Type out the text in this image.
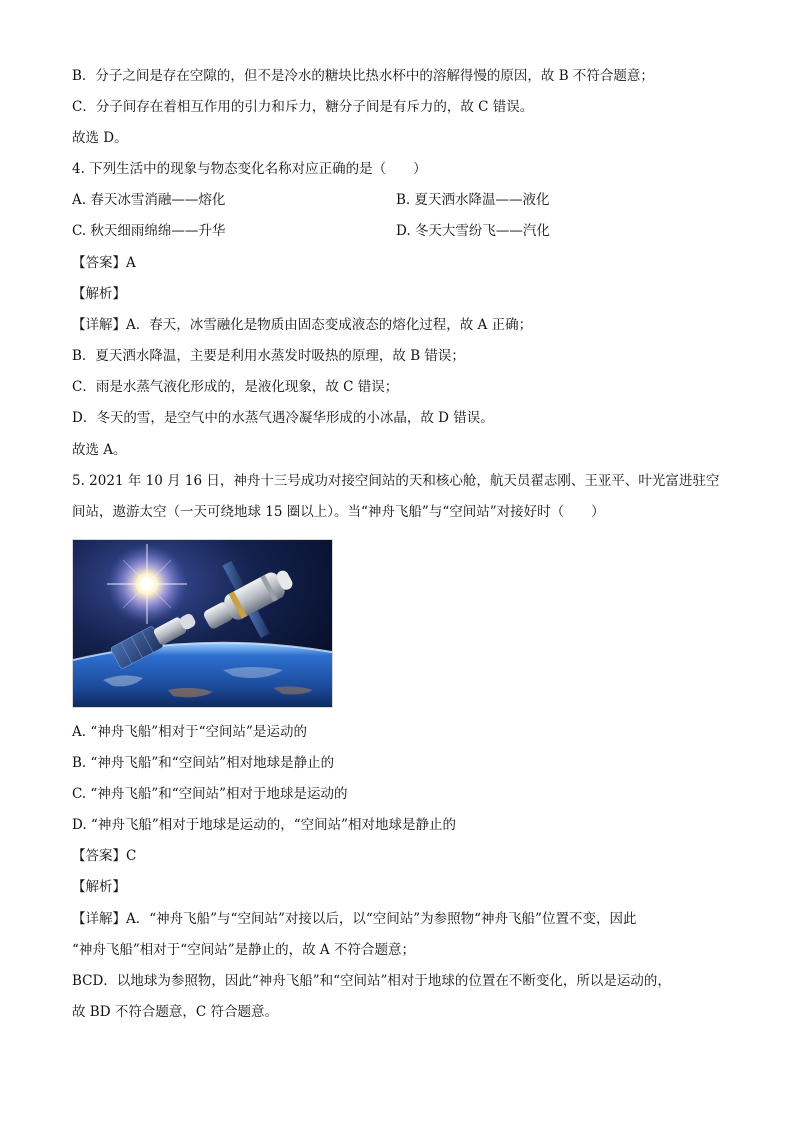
B．分子之间是存在空隙的，但不是冷水的糖块比热水杯中的溶解得慢的原因，故 B 不符合题意；
C．分子间存在着相互作用的引力和斥力，糖分子间是有斥力的，故 C 错误。
故选 D。
4. 下列生活中的现象与物态变化名称对应正确的是（　　）
A. 春天冰雪消融——熔化	B. 夏天洒水降温——液化
C. 秋天细雨绵绵——升华	D. 冬天大雪纷飞——汽化
【答案】A
【解析】
【详解】A．春天，冰雪融化是物质由固态变成液态的熔化过程，故 A 正确；
B．夏天洒水降温，主要是利用水蒸发时吸热的原理，故 B 错误；
C．雨是水蒸气液化形成的，是液化现象，故 C 错误；
D．冬天的雪，是空气中的水蒸气遇冷凝华形成的小冰晶，故 D 错误。
故选 A。
5. 2021 年 10 月 16 日，神舟十三号成功对接空间站的天和核心舱，航天员翟志刚、王亚平、叶光富进驻空
间站，遨游太空（一天可绕地球 15 圈以上）。当“神舟飞船”与“空间站”对接好时（　　）
A. “神舟飞船”相对于“空间站”是运动的
B. “神舟飞船”和“空间站”相对地球是静止的
C. “神舟飞船”和“空间站”相对于地球是运动的
D. “神舟飞船”相对于地球是运动的，“空间站”相对地球是静止的
【答案】C
【解析】
【详解】A．“神舟飞船”与“空间站”对接以后，以“空间站”为参照物“神舟飞船”位置不变，因此
“神舟飞船”相对于“空间站”是静止的，故 A 不符合题意；
BCD．以地球为参照物，因此“神舟飞船”和“空间站”相对于地球的位置在不断变化，所以是运动的，
故 BD 不符合题意，C 符合题意。
